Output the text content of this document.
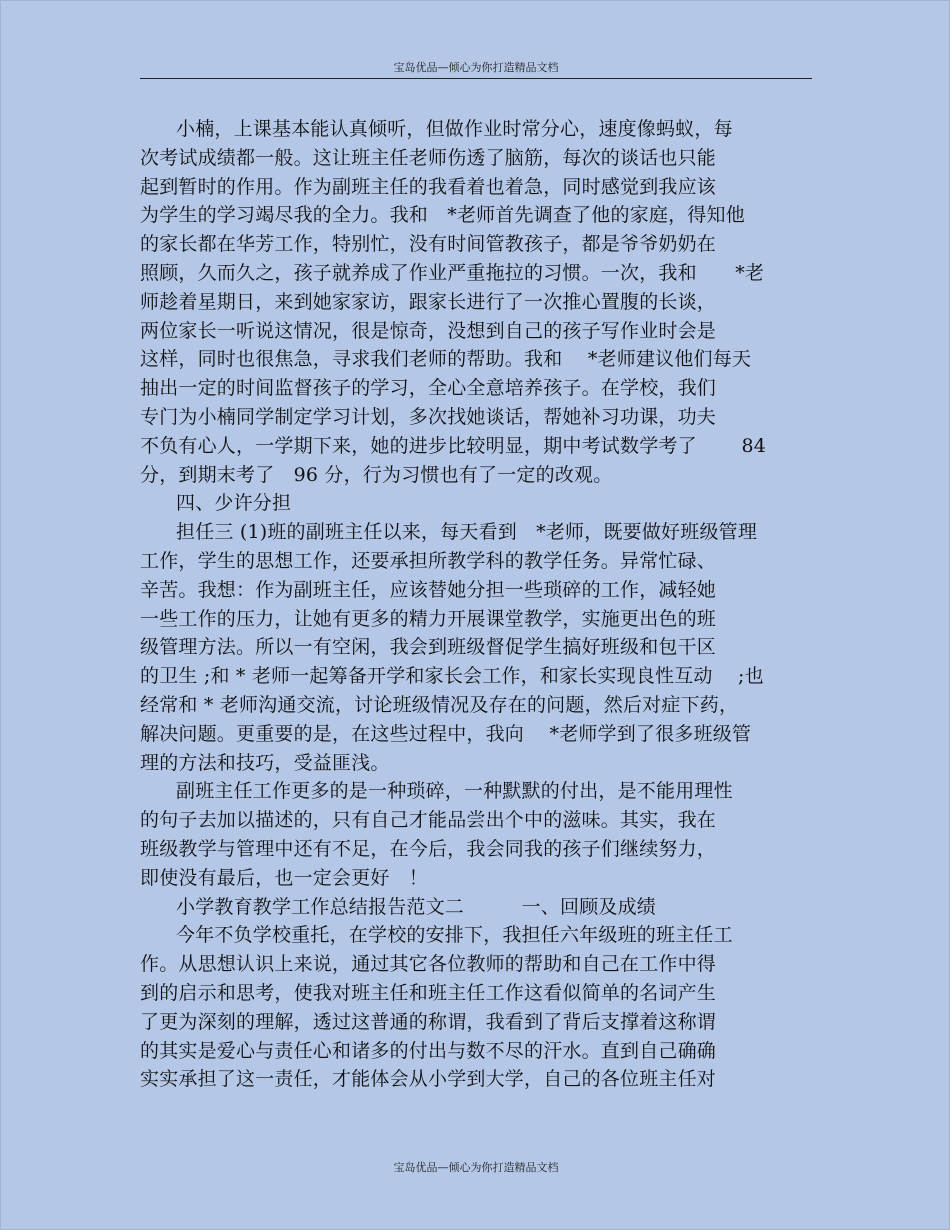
宝岛优品—倾心为你打造精品文档
小楠，上课基本能认真倾听，但做作业时常分心，速度像蚂蚁，每
次考试成绩都一般。这让班主任老师伤透了脑筋，每次的谈话也只能
起到暂时的作用。作为副班主任的我看着也着急，同时感觉到我应该
为学生的学习竭尽我的全力。我和　*老师首先调查了他的家庭，得知他
的家长都在华芳工作，特别忙，没有时间管教孩子，都是爷爷奶奶在
照顾，久而久之，孩子就养成了作业严重拖拉的习惯。一次，我和　　*老
师趁着星期日，来到她家家访，跟家长进行了一次推心置腹的长谈，
两位家长一听说这情况，很是惊奇，没想到自己的孩子写作业时会是
这样，同时也很焦急，寻求我们老师的帮助。我和　 *老师建议他们每天
抽出一定的时间监督孩子的学习，全心全意培养孩子。在学校，我们
专门为小楠同学制定学习计划，多次找她谈话，帮她补习功课，功夫
不负有心人，一学期下来，她的进步比较明显，期中考试数学考了　　 84
分，到期末考了　96 分，行为习惯也有了一定的改观。
四、少许分担
担任三 (1)班的副班主任以来，每天看到　*老师，既要做好班级管理
工作，学生的思想工作，还要承担所教学科的教学任务。异常忙碌、
辛苦。我想：作为副班主任，应该替她分担一些琐碎的工作，减轻她
一些工作的压力，让她有更多的精力开展课堂教学，实施更出色的班
级管理方法。所以一有空闲，我会到班级督促学生搞好班级和包干区
的卫生 ;和 * 老师一起筹备开学和家长会工作，和家长实现良性互动　 ;也
经常和 * 老师沟通交流，讨论班级情况及存在的问题，然后对症下药，
解决问题。更重要的是，在这些过程中，我向　 *老师学到了很多班级管
理的方法和技巧，受益匪浅。
副班主任工作更多的是一种琐碎，一种默默的付出，是不能用理性
的句子去加以描述的，只有自己才能品尝出个中的滋味。其实，我在
班级教学与管理中还有不足，在今后，我会同我的孩子们继续努力，
即使没有最后，也一定会更好　！
小学教育教学工作总结报告范文二　　　一、回顾及成绩
今年不负学校重托，在学校的安排下，我担任六年级班的班主任工
作。从思想认识上来说，通过其它各位教师的帮助和自己在工作中得
到的启示和思考，使我对班主任和班主任工作这看似简单的名词产生
了更为深刻的理解，透过这普通的称谓，我看到了背后支撑着这称谓
的其实是爱心与责任心和诸多的付出与数不尽的汗水。直到自己确确
实实承担了这一责任，才能体会从小学到大学，自己的各位班主任对
宝岛优品—倾心为你打造精品文档
